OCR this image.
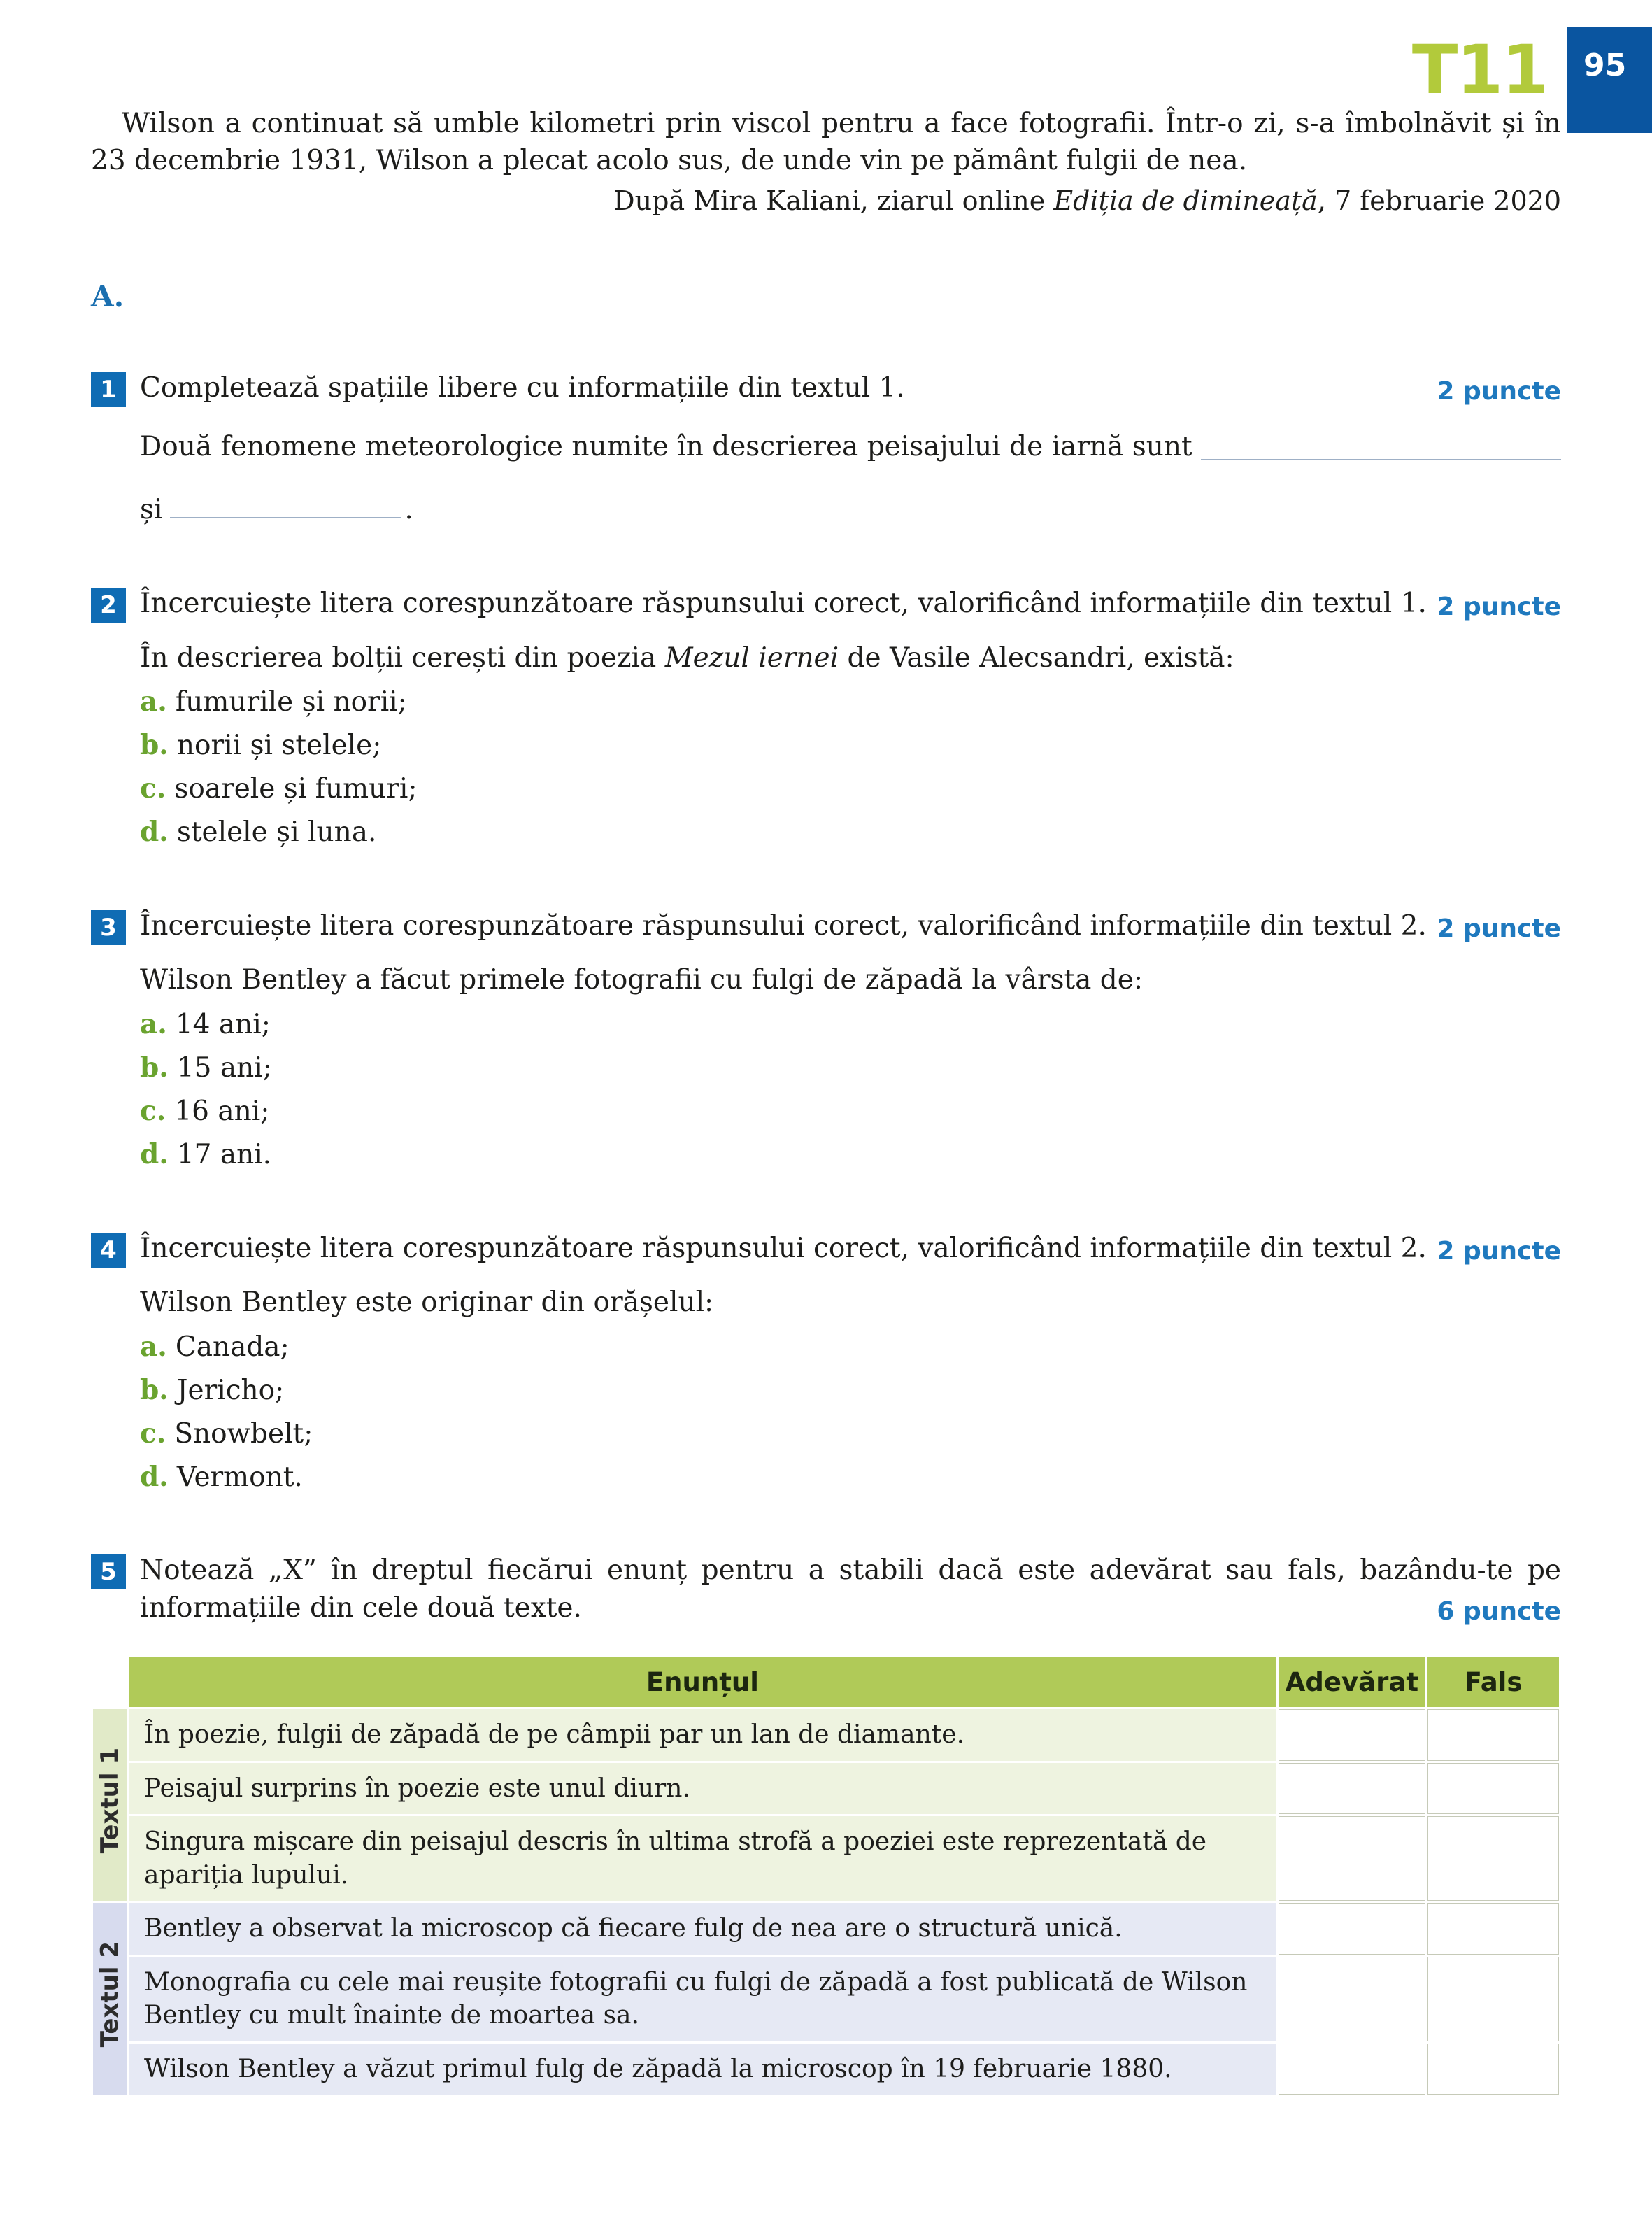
95
T11

Wilson a continuat să umble kilometri prin viscol pentru a face fotografii. Într-o zi, s-a îmbolnăvit și în 23 decembrie 1931, Wilson a plecat acolo sus, de unde vin pe pământ fulgii de nea.

După Mira Kaliani, ziarul online Ediția de dimineață, 7 februarie 2020

A.
1 Completează spațiile libere cu informațiile din textul 1.	2 puncte
Două fenomene meteorologice numite în descrierea peisajului de iarnă sunt
și	.
2 Încercuiește litera corespunzătoare răspunsului corect, valorificând informațiile din textul 1. 2 puncte
În descrierea bolții cerești din poezia Mezul iernei de Vasile Alecsandri, există:
a. fumurile și norii;
b. norii și stelele;
c. soarele și fumuri;
d. stelele și luna.
3 Încercuiește litera corespunzătoare răspunsului corect, valorificând informațiile din textul 2. 2 puncte
Wilson Bentley a făcut primele fotografii cu fulgi de zăpadă la vârsta de:
a. 14 ani;
b. 15 ani;
c. 16 ani;
d. 17 ani.
4 Încercuiește litera corespunzătoare răspunsului corect, valorificând informațiile din textul 2. 2 puncte
Wilson Bentley este originar din orășelul:
a. Canada;
b. Jericho;
c. Snowbelt;
d. Vermont.
5 Notează „X” în dreptul fiecărui enunț pentru a stabili dacă este adevărat sau fals, bazându-te pe informațiile din cele două texte.	6 puncte
	Enunțul	Adevărat	Fals
Textul 1	În poezie, fulgii de zăpadă de pe câmpii par un lan de diamante.		
	Peisajul surprins în poezie este unul diurn.		
	Singura mișcare din peisajul descris în ultima strofă a poeziei este reprezentată de apariția lupului.		
Textul 2	Bentley a observat la microscop că fiecare fulg de nea are o structură unică.		
	Monografia cu cele mai reușite fotografii cu fulgi de zăpadă a fost publicată de Wilson Bentley cu mult înainte de moartea sa.		
	Wilson Bentley a văzut primul fulg de zăpadă la microscop în 19 februarie 1880.		
